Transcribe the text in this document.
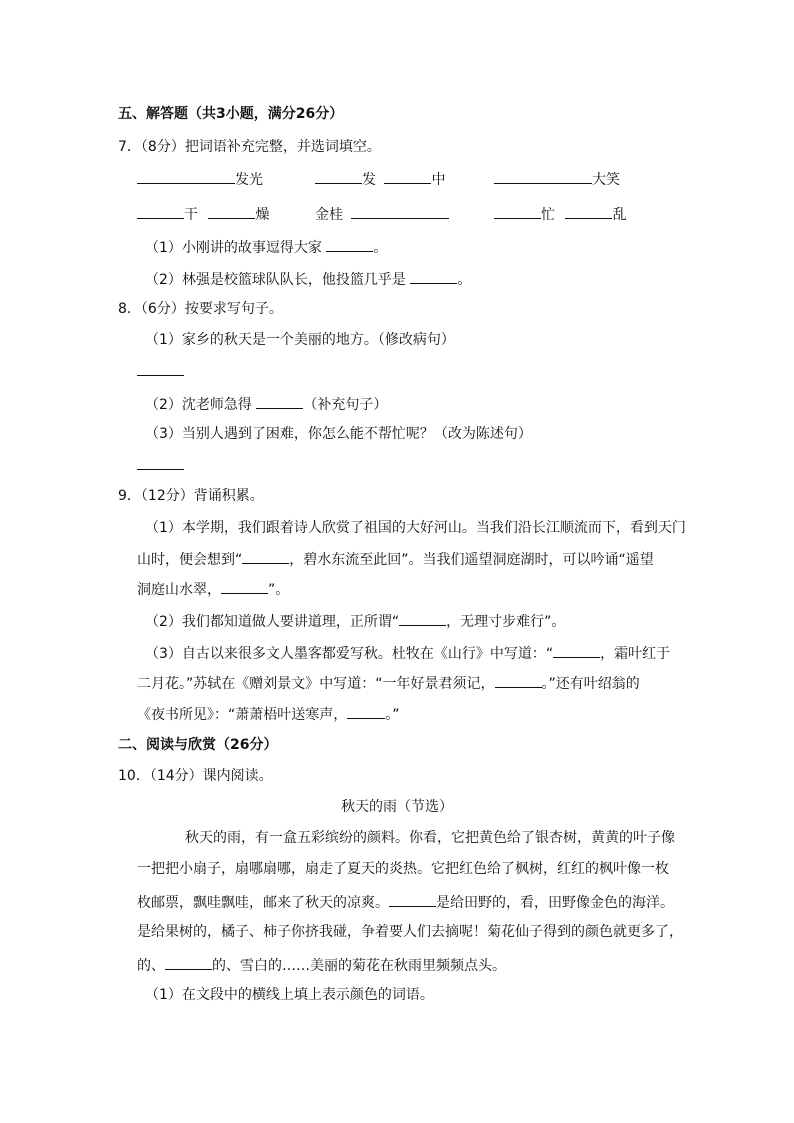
五、解答题（共3小题，满分26分）
7．（8分）把词语补充完整，并选词填空。
发光	发	中	大笑
干	燥	金桂	忙	乱
（1）小刚讲的故事逗得大家	。
（2）林强是校篮球队队长，他投篮几乎是	。
8．（6分）按要求写句子。
（1）家乡的秋天是一个美丽的地方。（修改病句）
（2）沈老师急得	（补充句子）
（3）当别人遇到了困难，你怎么能不帮忙呢？（改为陈述句）
9．（12分）背诵积累。
（1）本学期，我们跟着诗人欣赏了祖国的大好河山。当我们沿长江顺流而下，看到天门
山时，便会想到“	，碧水东流至此回”。当我们遥望洞庭湖时，可以吟诵“遥望
洞庭山水翠，	”。
（2）我们都知道做人要讲道理，正所谓“	，无理寸步难行”。
（3）自古以来很多文人墨客都爱写秋。杜牧在《山行》中写道：“	，霜叶红于
二月花。”苏轼在《赠刘景文》中写道：“一年好景君须记，	。”还有叶绍翁的
《夜书所见》：“萧萧梧叶送寒声，	。”
二、阅读与欣赏（26分）
10．（14分）课内阅读。
秋天的雨（节选）
秋天的雨，有一盒五彩缤纷的颜料。你看，它把黄色给了银杏树，黄黄的叶子像
一把把小扇子，扇哪扇哪，扇走了夏天的炎热。它把红色给了枫树，红红的枫叶像一枚
枚邮票，飘哇飘哇，邮来了秋天的凉爽。	是给田野的，看，田野像金色的海洋。
是给果树的，橘子、柿子你挤我碰，争着要人们去摘呢！菊花仙子得到的颜色就更多了，
的、	的、雪白的……美丽的菊花在秋雨里频频点头。
（1）在文段中的横线上填上表示颜色的词语。
